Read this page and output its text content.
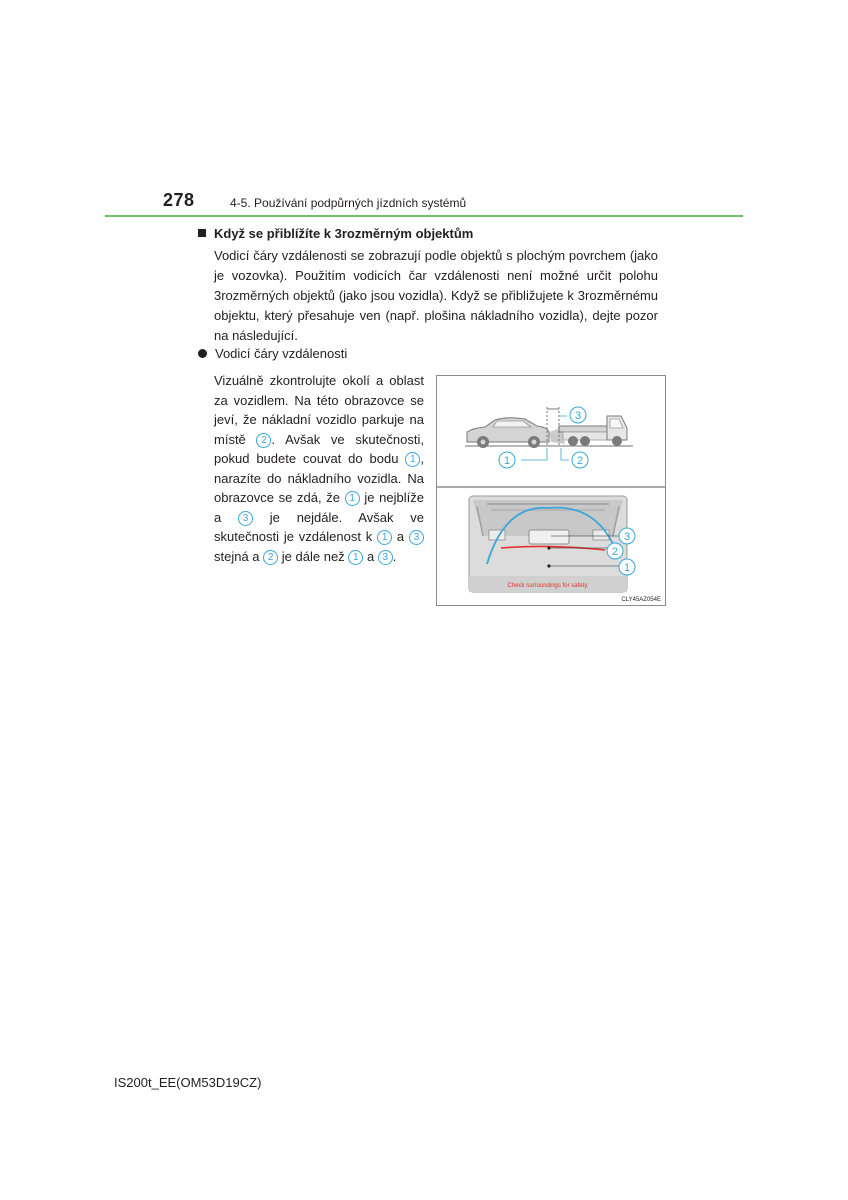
278	4-5. Používání podpůrných jízdních systémů
Když se přiblížíte k 3rozměrným objektům

Vodicí čáry vzdálenosti se zobrazují podle objektů s plochým povrchem (jako je vozovka). Použitím vodicích čar vzdálenosti není možné určit polohu 3rozměrných objektů (jako jsou vozidla). Když se přibližujete k 3rozměrnému objektu, který přesahuje ven (např. plošina nákladního vozidla), dejte pozor na následující.

Vodicí čáry vzdálenosti

Vizuálně zkontrolujte okolí a oblast za vozidlem. Na této obrazovce se jeví, že nákladní vozidlo parkuje na místě 2 . Avšak ve skutečnosti, pokud budete couvat do bodu 1 , narazíte do nákladního vozidla. Na obrazovce se zdá, že 1 je nejblíže a 3 je nejdále. Avšak ve skutečnosti je vzdálenost k 1 a 3 stejná a 2 je dále než 1 a 3 .

3
1	2
Check surroundings for safety.
3
2
1
CLY45AZ054E
IS200t_EE(OM53D19CZ)
